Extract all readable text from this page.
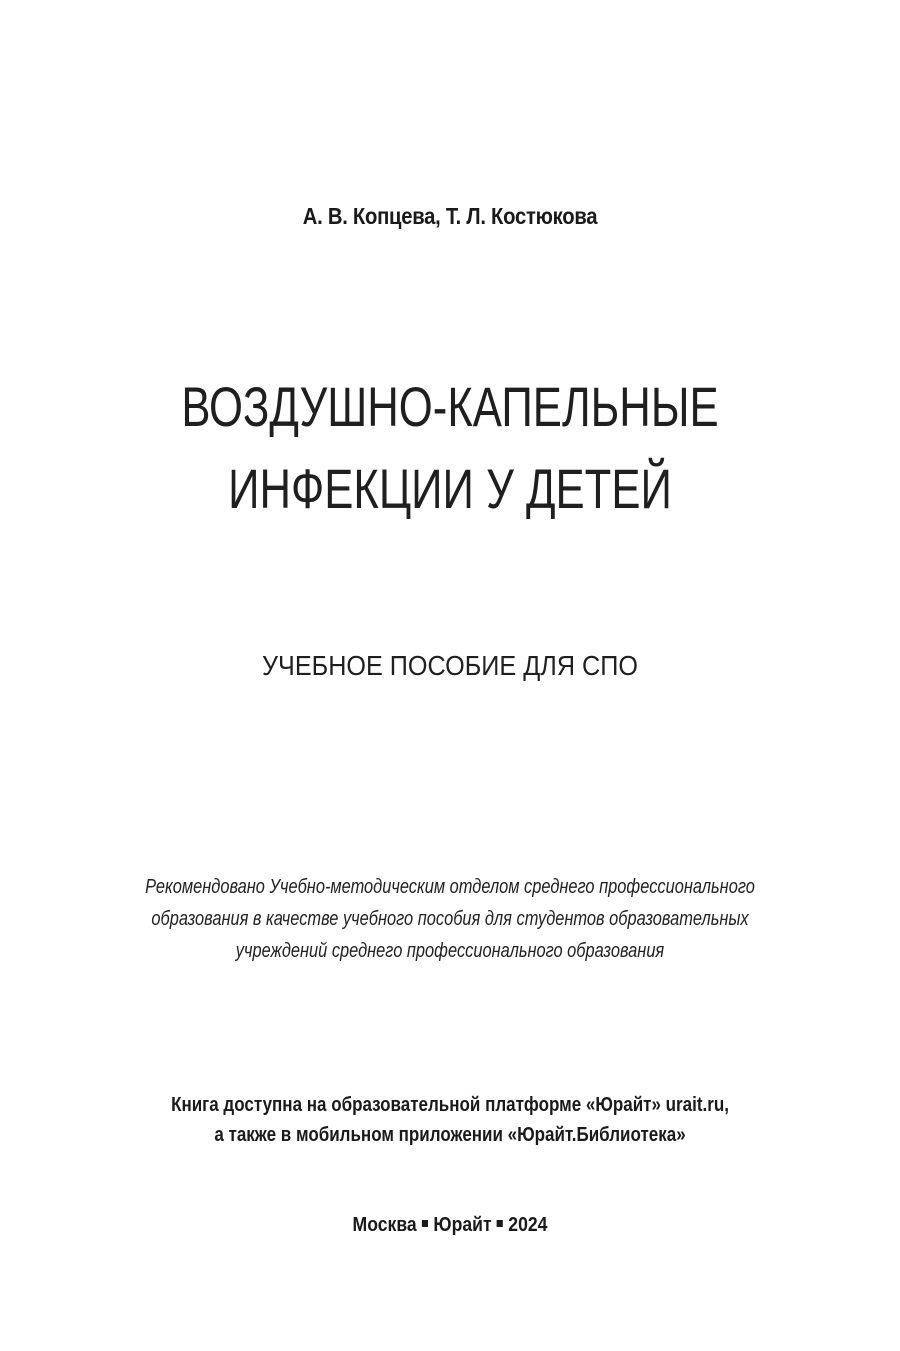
А. В. Копцева, Т. Л. Костюкова
ВОЗДУШНО-КАПЕЛЬНЫЕ
ИНФЕКЦИИ У ДЕТЕЙ
УЧЕБНОЕ ПОСОБИЕ ДЛЯ СПО
Рекомендовано Учебно-методическим отделом среднего профессионального
образования в качестве учебного пособия для студентов образовательных
учреждений среднего профессионального образования
Книга доступна на образовательной платформе «Юрайт» urait.ru,
а также в мобильном приложении «Юрайт.Библиотека»
Москва Юрайт 2024
